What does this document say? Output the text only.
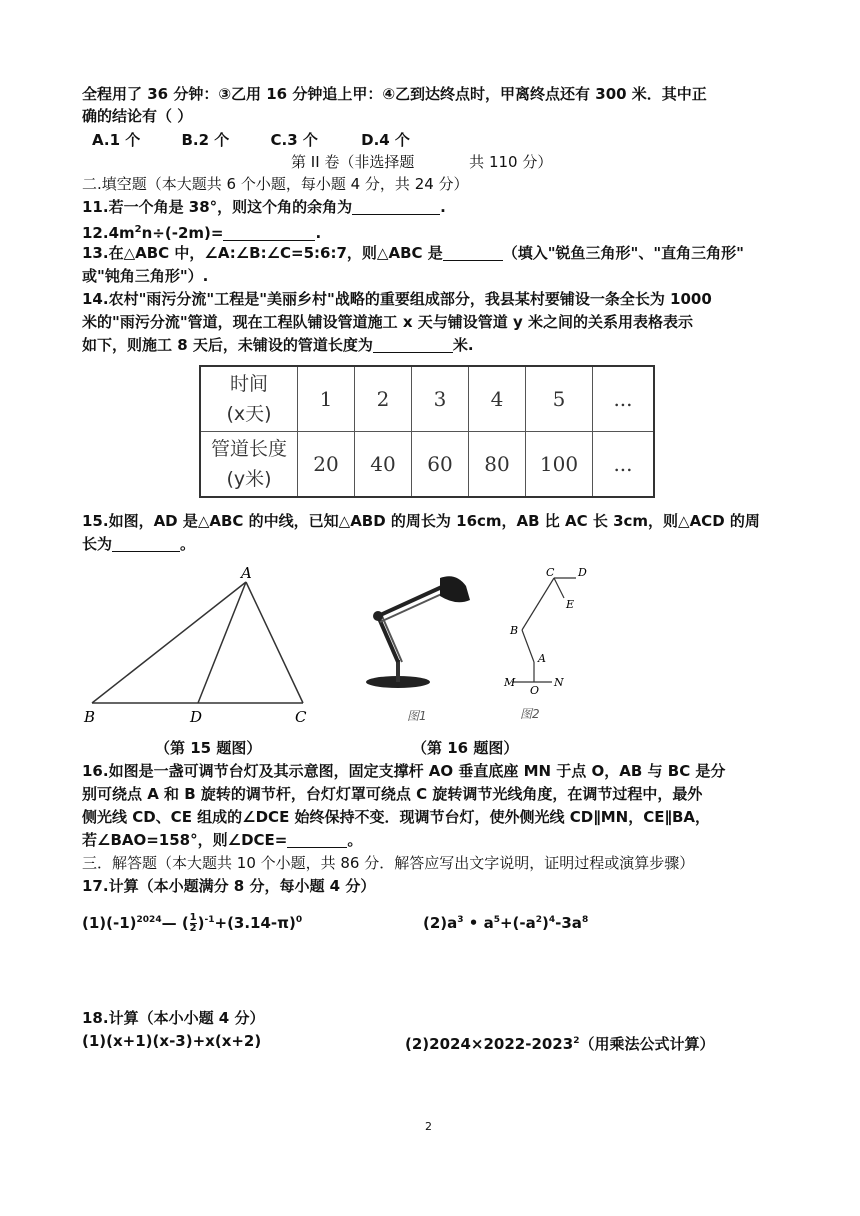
全程用了 36 分钟：③乙用 16 分钟追上甲：④乙到达终点时，甲离终点还有 300 米．其中正
确的结论有（ ）
A.1 个	B.2 个	C.3 个	D.4 个
第 II 卷（非选择题	共 110 分）
二.填空题（本大题共 6 个小题，每小题 4 分，共 24 分）
11.若一个角是 38°，则这个角的余角为	.
$12.4m^2n\div(-2m)=$	.
13.在△ABC 中，∠A:∠B:∠C=5:6:7，则△ABC 是	（填入"锐鱼三角形"、"直角三角形"
或"钝角三角形"）.
14.农村"雨污分流"工程是"美丽乡村"战略的重要组成部分，我县某村要铺设一条全长为 1000
米的"雨污分流"管道，现在工程队铺设管道施工 x 天与铺设管道 y 米之间的关系用表格表示
如下，则施工 8 天后，未铺设的管道长度为	米.
时间
(x天)	1	2	3	4	5	...

管道长度
(y米)	20	40	60	80	100	...
15.如图，AD 是△ABC 的中线，已知△ABD 的周长为 16cm，AB 比 AC 长 3cm，则△ACD 的周
长为	。
A
B	D	C	图1
C D
E
B
A
M
O
N
图2
（第 15 题图）	（第 16 题图）
16.如图是一盏可调节台灯及其示意图，固定支撑杆 AO 垂直底座 MN 于点 O，AB 与 BC 是分
别可绕点 A 和 B 旋转的调节杆，台灯灯罩可绕点 C 旋转调节光线角度，在调节过程中，最外
侧光线 CD、CE 组成的∠DCE 始终保持不变．现调节台灯，使外侧光线 CD∥MN，CE∥BA，
若∠BAO=158°，则∠DCE=	。
三．解答题（本大题共 10 个小题，共 86 分．解答应写出文字说明，证明过程或演算步骤）
17.计算（本小题满分 8 分，每小题 4 分）
$(1)(-1)^{2024}—$ ( $\frac{1}{2} )^{-1}+(3.14-\pi)^0$	$(2)a^3$ • $a^5+(-a^2)^4-3a^8$
18.计算（本小小题 4 分）
(1)(x+1)(x-3)+x(x+2)	$(2)2024\times 2022-2023^2$（用乘法公式计算）
2
